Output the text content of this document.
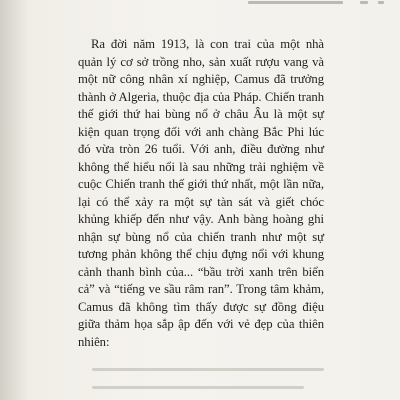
Ra đời năm 1913, là con trai của một nhà quản lý cơ sở trồng nho, sản xuất rượu vang và một nữ công nhân xí nghiệp, Camus đã trưởng thành ở Algeria, thuộc địa của Pháp. Chiến tranh thế giới thứ hai bùng nổ ở châu Âu là một sự kiện quan trọng đối với anh chàng Bắc Phi lúc đó vừa tròn 26 tuổi. Với anh, điều đường như không thể hiểu nổi là sau những trải nghiệm về cuộc Chiến tranh thế giới thứ nhất, một lần nữa, lại có thể xảy ra một sự tàn sát và giết chóc khủng khiếp đến như vậy. Anh bàng hoàng ghi nhận sự bùng nổ của chiến tranh như một sự tương phản không thể chịu đựng nổi với khung cảnh thanh bình của... “bầu trời xanh trên biển cả” và “tiếng ve sầu râm ran”. Trong tâm khảm, Camus đã không tìm thấy được sự đồng điệu giữa thảm họa sắp ập đến với vẻ đẹp của thiên nhiên:
